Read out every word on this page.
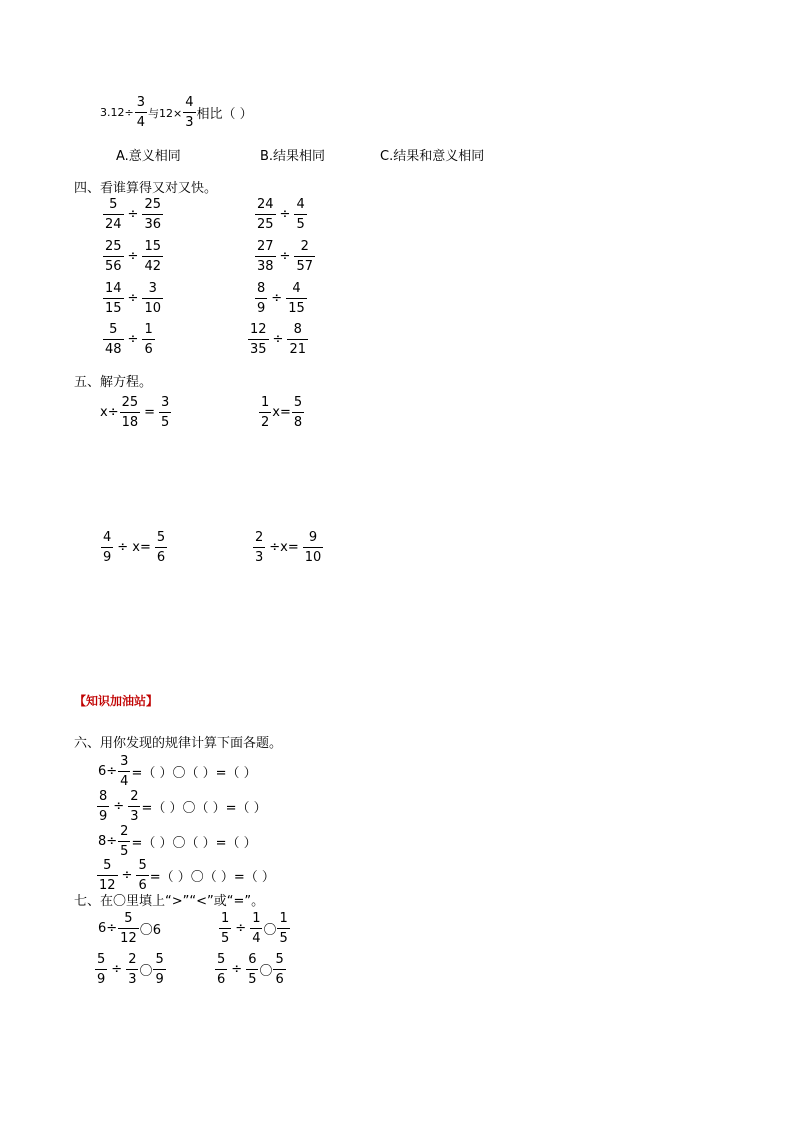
$3.12\div \frac{3}{4}$ 与$12\times \frac{4}{3}$ 相比（ ）
A.意义相同	B.结果相同	C.结果和意义相同
四、看谁算得又对又快。
$\frac{5}{24} \div \frac{25}{36}$
$\frac{25}{56} \div \frac{15}{42}$
$\frac{14}{15} \div \frac{3}{10}$
$\frac{5}{48} \div \frac{1}{6}$
$\frac{24}{25} \div \frac{4}{5}$
$\frac{27}{38} \div \frac{2}{57}$
$\frac{8}{9} \div \frac{4}{15}$
$\frac{12}{35} \div \frac{8}{21}$
五、解方程。
$x\div \frac{25}{18} = \frac{3}{5}$	$\frac{1}{2} x= \frac{5}{8}$
$\frac{4}{9} \div x= \frac{5}{6}$	$\frac{2}{3} \div x= \frac{9}{10}$
【知识加油站】
六、用你发现的规律计算下面各题。
$6\div \frac{3}{4}$ =（ ）〇（ ）=（ ）
$\frac{8}{9} \div \frac{2}{3}$ =（ ）〇（ ）=（ ）
$8\div \frac{2}{5}$ =（ ）〇（ ）=（ ）
$\frac{5}{12} \div \frac{5}{6}$ =（ ）〇（ ）=（ ）
七、在〇里填上“>”“<”或“=”。
$6\div \frac{5}{12}$ 〇6	$\frac{1}{5} \div \frac{1}{4}$ 〇 $\frac{1}{5}$
$\frac{5}{9} \div \frac{2}{3}$ 〇 $\frac{5}{9}$	$\frac{5}{6} \div \frac{6}{5}$ 〇 $\frac{5}{6}$
